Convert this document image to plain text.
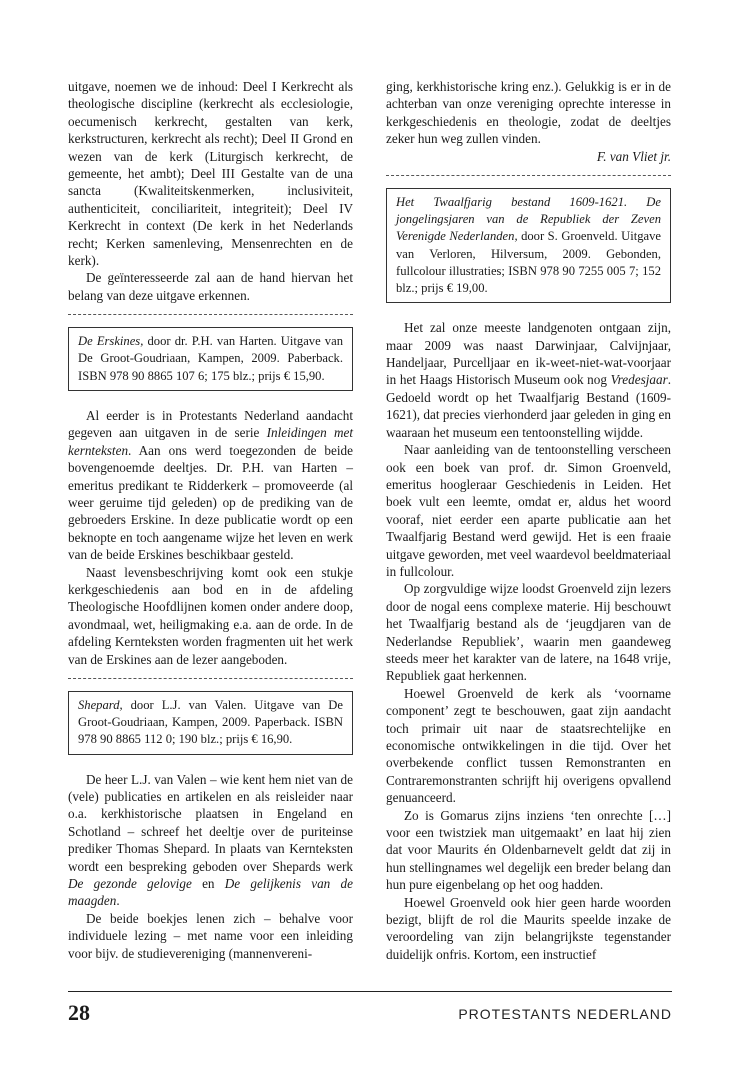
uitgave, noemen we de inhoud: Deel I Kerkrecht als theologische discipline (kerkrecht als ecclesiologie, oecumenisch kerkrecht, gestalten van kerk, kerkstructuren, kerkrecht als recht); Deel II Grond en wezen van de kerk (Liturgisch kerkrecht, de gemeente, het ambt); Deel III Gestalte van de una sancta (Kwaliteitskenmerken, inclusiviteit, authenticiteit, conciliariteit, integriteit); Deel IV Kerkrecht in context (De kerk in het Nederlands recht; Kerken samenleving, Mensenrechten en de kerk).

De geïnteresseerde zal aan de hand hiervan het belang van deze uitgave erkennen.

De Erskines, door dr. P.H. van Harten. Uitgave van De Groot-Goudriaan, Kampen, 2009. Paberback. ISBN 978 90 8865 107 6; 175 blz.; prijs € 15,90.

Al eerder is in Protestants Nederland aandacht gegeven aan uitgaven in de serie Inleidingen met kernteksten. Aan ons werd toegezonden de beide bovengenoemde deeltjes. Dr. P.H. van Harten – emeritus predikant te Ridderkerk – promoveerde (al weer geruime tijd geleden) op de prediking van de gebroeders Erskine. In deze publicatie wordt op een beknopte en toch aangename wijze het leven en werk van de beide Erskines beschikbaar gesteld.

Naast levensbeschrijving komt ook een stukje kerkgeschiedenis aan bod en in de afdeling Theologische Hoofdlijnen komen onder andere doop, avondmaal, wet, heiligmaking e.a. aan de orde. In de afdeling Kernteksten worden fragmenten uit het werk van de Erskines aan de lezer aangeboden.

Shepard, door L.J. van Valen. Uitgave van De Groot-Goudriaan, Kampen, 2009. Paperback. ISBN 978 90 8865 112 0; 190 blz.; prijs € 16,90.

De heer L.J. van Valen – wie kent hem niet van de (vele) publicaties en artikelen en als reisleider naar o.a. kerkhistorische plaatsen in Engeland en Schotland – schreef het deeltje over de puriteinse prediker Thomas Shepard. In plaats van Kernteksten wordt een bespreking geboden over Shepards werk De gezonde gelovige en De gelijkenis van de maagden.

De beide boekjes lenen zich – behalve voor individuele lezing – met name voor een inleiding voor bijv. de studievereniging (mannenvereni-

ging, kerkhistorische kring enz.). Gelukkig is er in de achterban van onze vereniging oprechte interesse in kerkgeschiedenis en theologie, zodat de deeltjes zeker hun weg zullen vinden.

F. van Vliet jr.

Het Twaalfjarig bestand 1609-1621. De jongelingsjaren van de Republiek der Zeven Verenigde Nederlanden, door S. Groenveld. Uitgave van Verloren, Hilversum, 2009. Gebonden, fullcolour illustraties; ISBN 978 90 7255 005 7; 152 blz.; prijs € 19,00.

Het zal onze meeste landgenoten ontgaan zijn, maar 2009 was naast Darwinjaar, Calvijnjaar, Handeljaar, Purcelljaar en ik-weet-niet-wat-voorjaar in het Haags Historisch Museum ook nog Vredesjaar. Gedoeld wordt op het Twaalfjarig Bestand (1609-1621), dat precies vierhonderd jaar geleden in ging en waaraan het museum een tentoonstelling wijdde.

Naar aanleiding van de tentoonstelling verscheen ook een boek van prof. dr. Simon Groenveld, emeritus hoogleraar Geschiedenis in Leiden. Het boek vult een leemte, omdat er, aldus het woord vooraf, niet eerder een aparte publicatie aan het Twaalfjarig Bestand werd gewijd. Het is een fraaie uitgave geworden, met veel waardevol beeldmateriaal in fullcolour.

Op zorgvuldige wijze loodst Groenveld zijn lezers door de nogal eens complexe materie. Hij beschouwt het Twaalfjarig bestand als de ‘jeugdjaren van de Nederlandse Republiek’, waarin men gaandeweg steeds meer het karakter van de latere, na 1648 vrije, Republiek gaat herkennen.

Hoewel Groenveld de kerk als ‘voorname component’ zegt te beschouwen, gaat zijn aandacht toch primair uit naar de staatsrechtelijke en economische ontwikkelingen in die tijd. Over het overbekende conflict tussen Remonstranten en Contraremonstranten schrijft hij overigens opvallend genuanceerd.

Zo is Gomarus zijns inziens ‘ten onrechte […] voor een twistziek man uitgemaakt’ en laat hij zien dat voor Maurits én Oldenbarnevelt geldt dat zij in hun stellingnames wel degelijk een breder belang dan hun pure eigenbelang op het oog hadden.

Hoewel Groenveld ook hier geen harde woorden bezigt, blijft de rol die Maurits speelde inzake de veroordeling van zijn belangrijkste tegenstander duidelijk onfris. Kortom, een instructief

28	PROTESTANTS NEDERLAND
